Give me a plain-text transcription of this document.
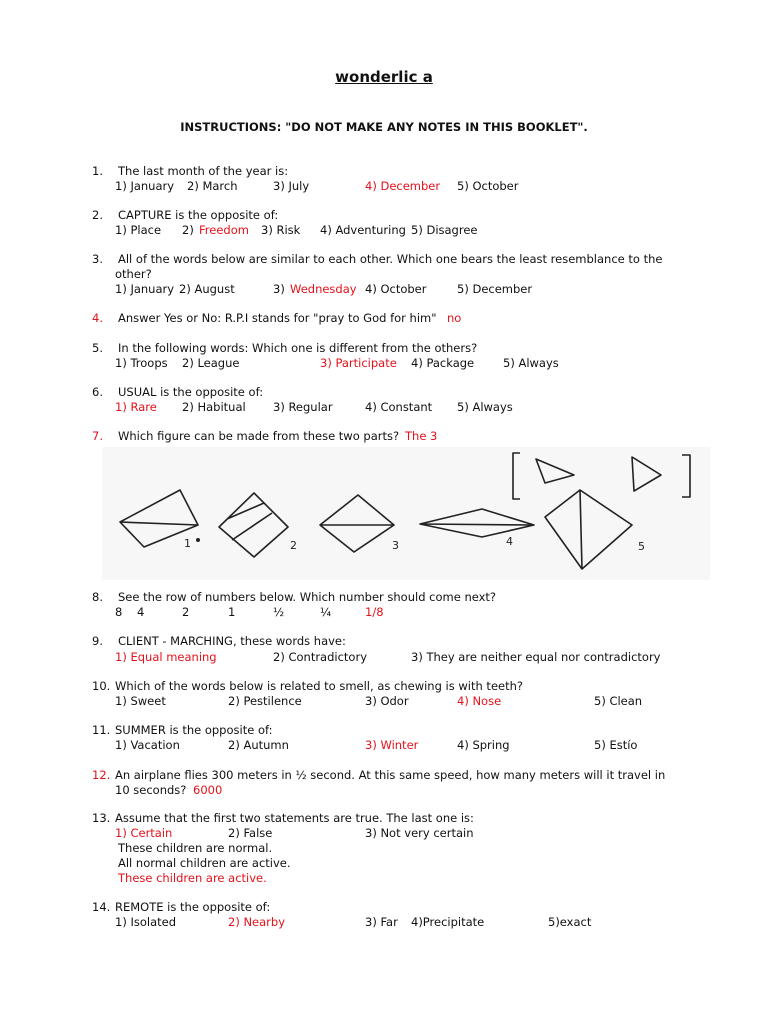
wonderlic a
INSTRUCTIONS: "DO NOT MAKE ANY NOTES IN THIS BOOKLET".
1. The last month of the year is:
1) January 2) March	3) July	4) December 5) October
2. CAPTURE is the opposite of:
1) Place 2) Freedom 3) Risk 4) Adventuring 5) Disagree
3. All of the words below are similar to each other. Which one bears the least resemblance to the
other?
1) January 2) August	3) Wednesday 4) October	5) December
4. Answer Yes or No: R.P.I stands for "pray to God for him" no
5. In the following words: Which one is different from the others?
1) Troops 2) League	3) Participate 4) Package	5) Always
6. USUAL is the opposite of:
1) Rare 2) Habitual 3) Regular	4) Constant 5) Always
7. Which figure can be made from these two parts? The 3
1	2	3	4	5
8. See the row of numbers below. Which number should come next?
8 4	2	1	½	¼	1/8
9. CLIENT - MARCHING, these words have:
1) Equal meaning	2) Contradictory	3) They are neither equal nor contradictory
10. Which of the words below is related to smell, as chewing is with teeth?
1) Sweet	2) Pestilence	3) Odor	4) Nose	5) Clean
11. SUMMER is the opposite of:
1) Vacation	2) Autumn	3) Winter	4) Spring	5) Estío
12. An airplane flies 300 meters in ½ second. At this same speed, how many meters will it travel in
10 seconds? 6000
13. Assume that the first two statements are true. The last one is:
1) Certain	2) False	3) Not very certain
These children are normal.
All normal children are active.
These children are active.
14. REMOTE is the opposite of:
1) Isolated	2) Nearby	3) Far 4)Precipitate	5)exact
